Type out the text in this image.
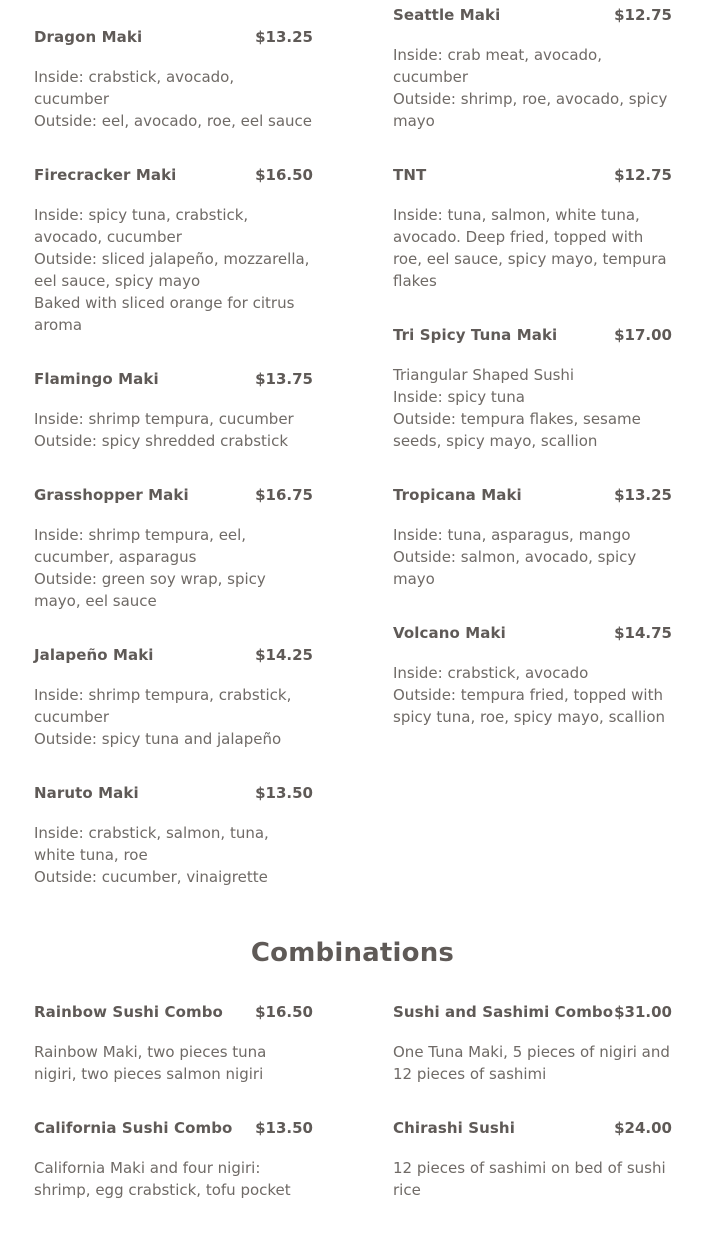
Dragon Maki	$13.25
Inside: crabstick, avocado, cucumber
Outside: eel, avocado, roe, eel sauce
Firecracker Maki	$16.50
Inside: spicy tuna, crabstick, avocado, cucumber
Outside: sliced jalapeño, mozzarella, eel sauce, spicy mayo
Baked with sliced orange for citrus aroma
Flamingo Maki	$13.75
Inside: shrimp tempura, cucumber
Outside: spicy shredded crabstick
Grasshopper Maki	$16.75
Inside: shrimp tempura, eel, cucumber, asparagus
Outside: green soy wrap, spicy mayo, eel sauce
Jalapeño Maki	$14.25
Inside: shrimp tempura, crabstick, cucumber
Outside: spicy tuna and jalapeño
Naruto Maki	$13.50
Inside: crabstick, salmon, tuna, white tuna, roe
Outside: cucumber, vinaigrette
Seattle Maki	$12.75
Inside: crab meat, avocado, cucumber
Outside: shrimp, roe, avocado, spicy mayo
TNT	$12.75
Inside: tuna, salmon, white tuna, avocado. Deep fried, topped with roe, eel sauce, spicy mayo, tempura flakes
Tri Spicy Tuna Maki	$17.00
Triangular Shaped Sushi
Inside: spicy tuna
Outside: tempura flakes, sesame seeds, spicy mayo, scallion
Tropicana Maki	$13.25
Inside: tuna, asparagus, mango
Outside: salmon, avocado, spicy mayo
Volcano Maki	$14.75
Inside: crabstick, avocado
Outside: tempura fried, topped with spicy tuna, roe, spicy mayo, scallion
Combinations
Rainbow Sushi Combo $16.50
Rainbow Maki, two pieces tuna nigiri, two pieces salmon nigiri
California Sushi Combo $13.50
California Maki and four nigiri: shrimp, egg crabstick, tofu pocket
Sushi and Sashimi Combo $31.00
One Tuna Maki, 5 pieces of nigiri and 12 pieces of sashimi
Chirashi Sushi	$24.00
12 pieces of sashimi on bed of sushi rice
